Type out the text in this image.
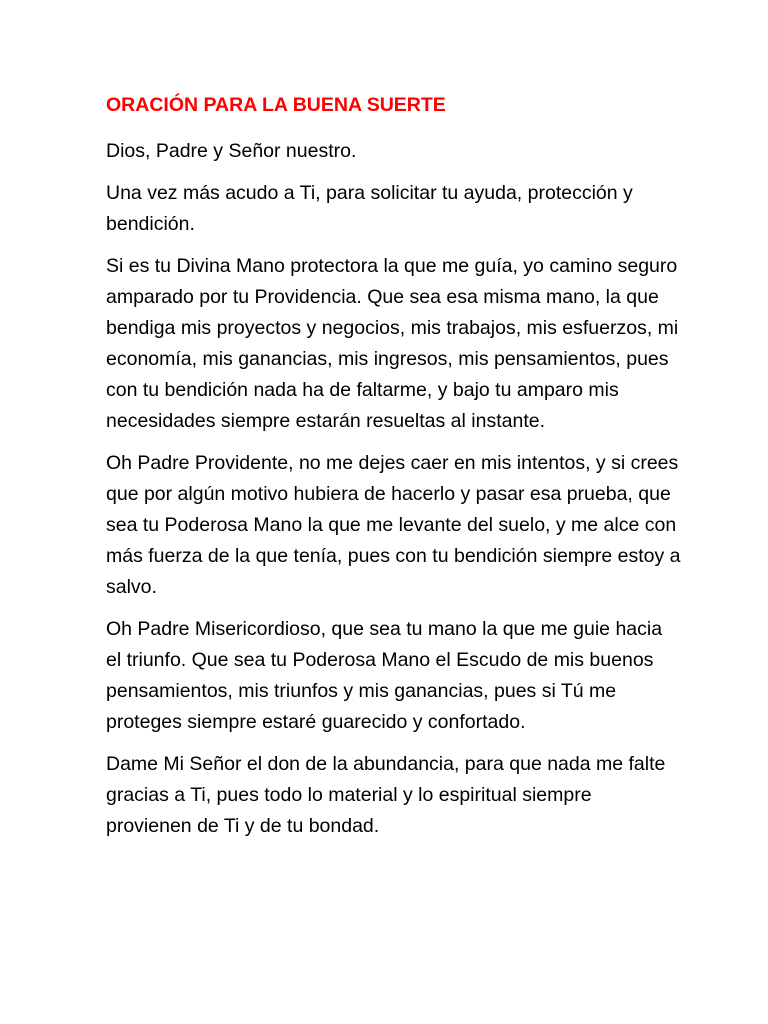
ORACIÓN PARA LA BUENA SUERTE

Dios, Padre y Señor nuestro.

Una vez más acudo a Ti, para solicitar tu ayuda, protección y bendición.

Si es tu Divina Mano protectora la que me guía, yo camino seguro amparado por tu Providencia. Que sea esa misma mano, la que bendiga mis proyectos y negocios, mis trabajos, mis esfuerzos, mi economía, mis ganancias, mis ingresos, mis pensamientos, pues con tu bendición nada ha de faltarme, y bajo tu amparo mis necesidades siempre estarán resueltas al instante.

Oh Padre Providente, no me dejes caer en mis intentos, y si crees que por algún motivo hubiera de hacerlo y pasar esa prueba, que sea tu Poderosa Mano la que me levante del suelo, y me alce con más fuerza de la que tenía, pues con tu bendición siempre estoy a salvo.

Oh Padre Misericordioso, que sea tu mano la que me guie hacia el triunfo. Que sea tu Poderosa Mano el Escudo de mis buenos pensamientos, mis triunfos y mis ganancias, pues si Tú me proteges siempre estaré guarecido y confortado.

Dame Mi Señor el don de la abundancia, para que nada me falte gracias a Ti, pues todo lo material y lo espiritual siempre provienen de Ti y de tu bondad.
